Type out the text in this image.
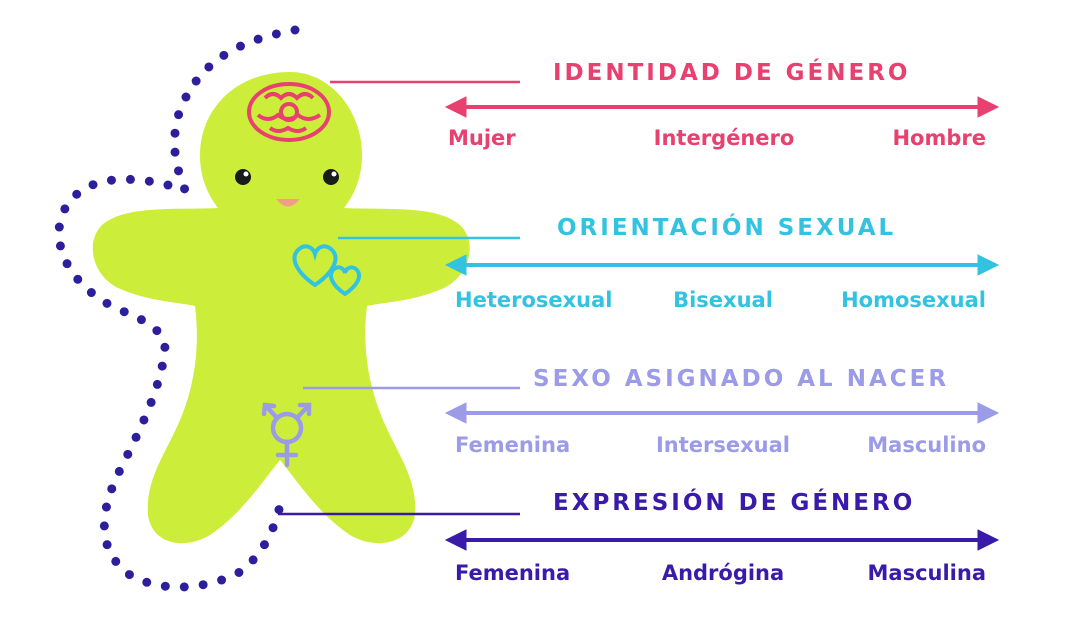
IDENTIDAD DE GÉNERO
Mujer	Intergénero	Hombre
ORIENTACIÓN SEXUAL
Heterosexual	Bisexual	Homosexual
SEXO ASIGNADO AL NACER
Femenina	Intersexual	Masculino
EXPRESIÓN DE GÉNERO
Femenina	Andrógina	Masculina
